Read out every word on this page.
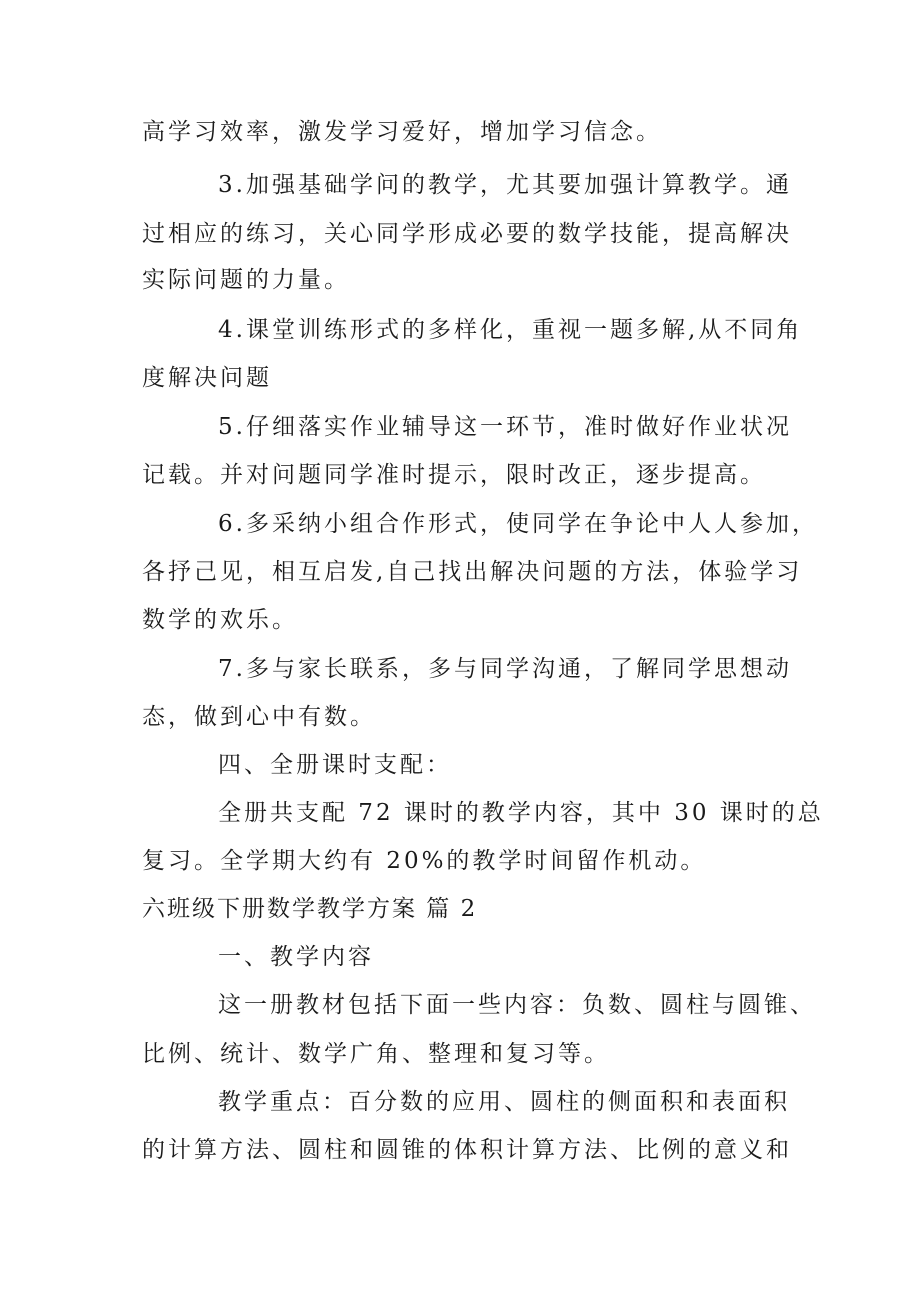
高学习效率，激发学习爱好，增加学习信念。
3.加强基础学问的教学，尤其要加强计算教学。通
过相应的练习，关心同学形成必要的数学技能，提高解决
实际问题的力量。
4.课堂训练形式的多样化，重视一题多解,从不同角
度解决问题
5.仔细落实作业辅导这一环节，准时做好作业状况
记载。并对问题同学准时提示，限时改正，逐步提高。
6.多采纳小组合作形式，使同学在争论中人人参加，
各抒己见，相互启发,自己找出解决问题的方法，体验学习
数学的欢乐。
7.多与家长联系，多与同学沟通，了解同学思想动
态，做到心中有数。
四、全册课时支配：
全册共支配 72 课时的教学内容，其中 30 课时的总
复习。全学期大约有 20%的教学时间留作机动。
六班级下册数学教学方案 篇 2
一、教学内容
这一册教材包括下面一些内容：负数、圆柱与圆锥、
比例、统计、数学广角、整理和复习等。
教学重点：百分数的应用、圆柱的侧面积和表面积
的计算方法、圆柱和圆锥的体积计算方法、比例的意义和
